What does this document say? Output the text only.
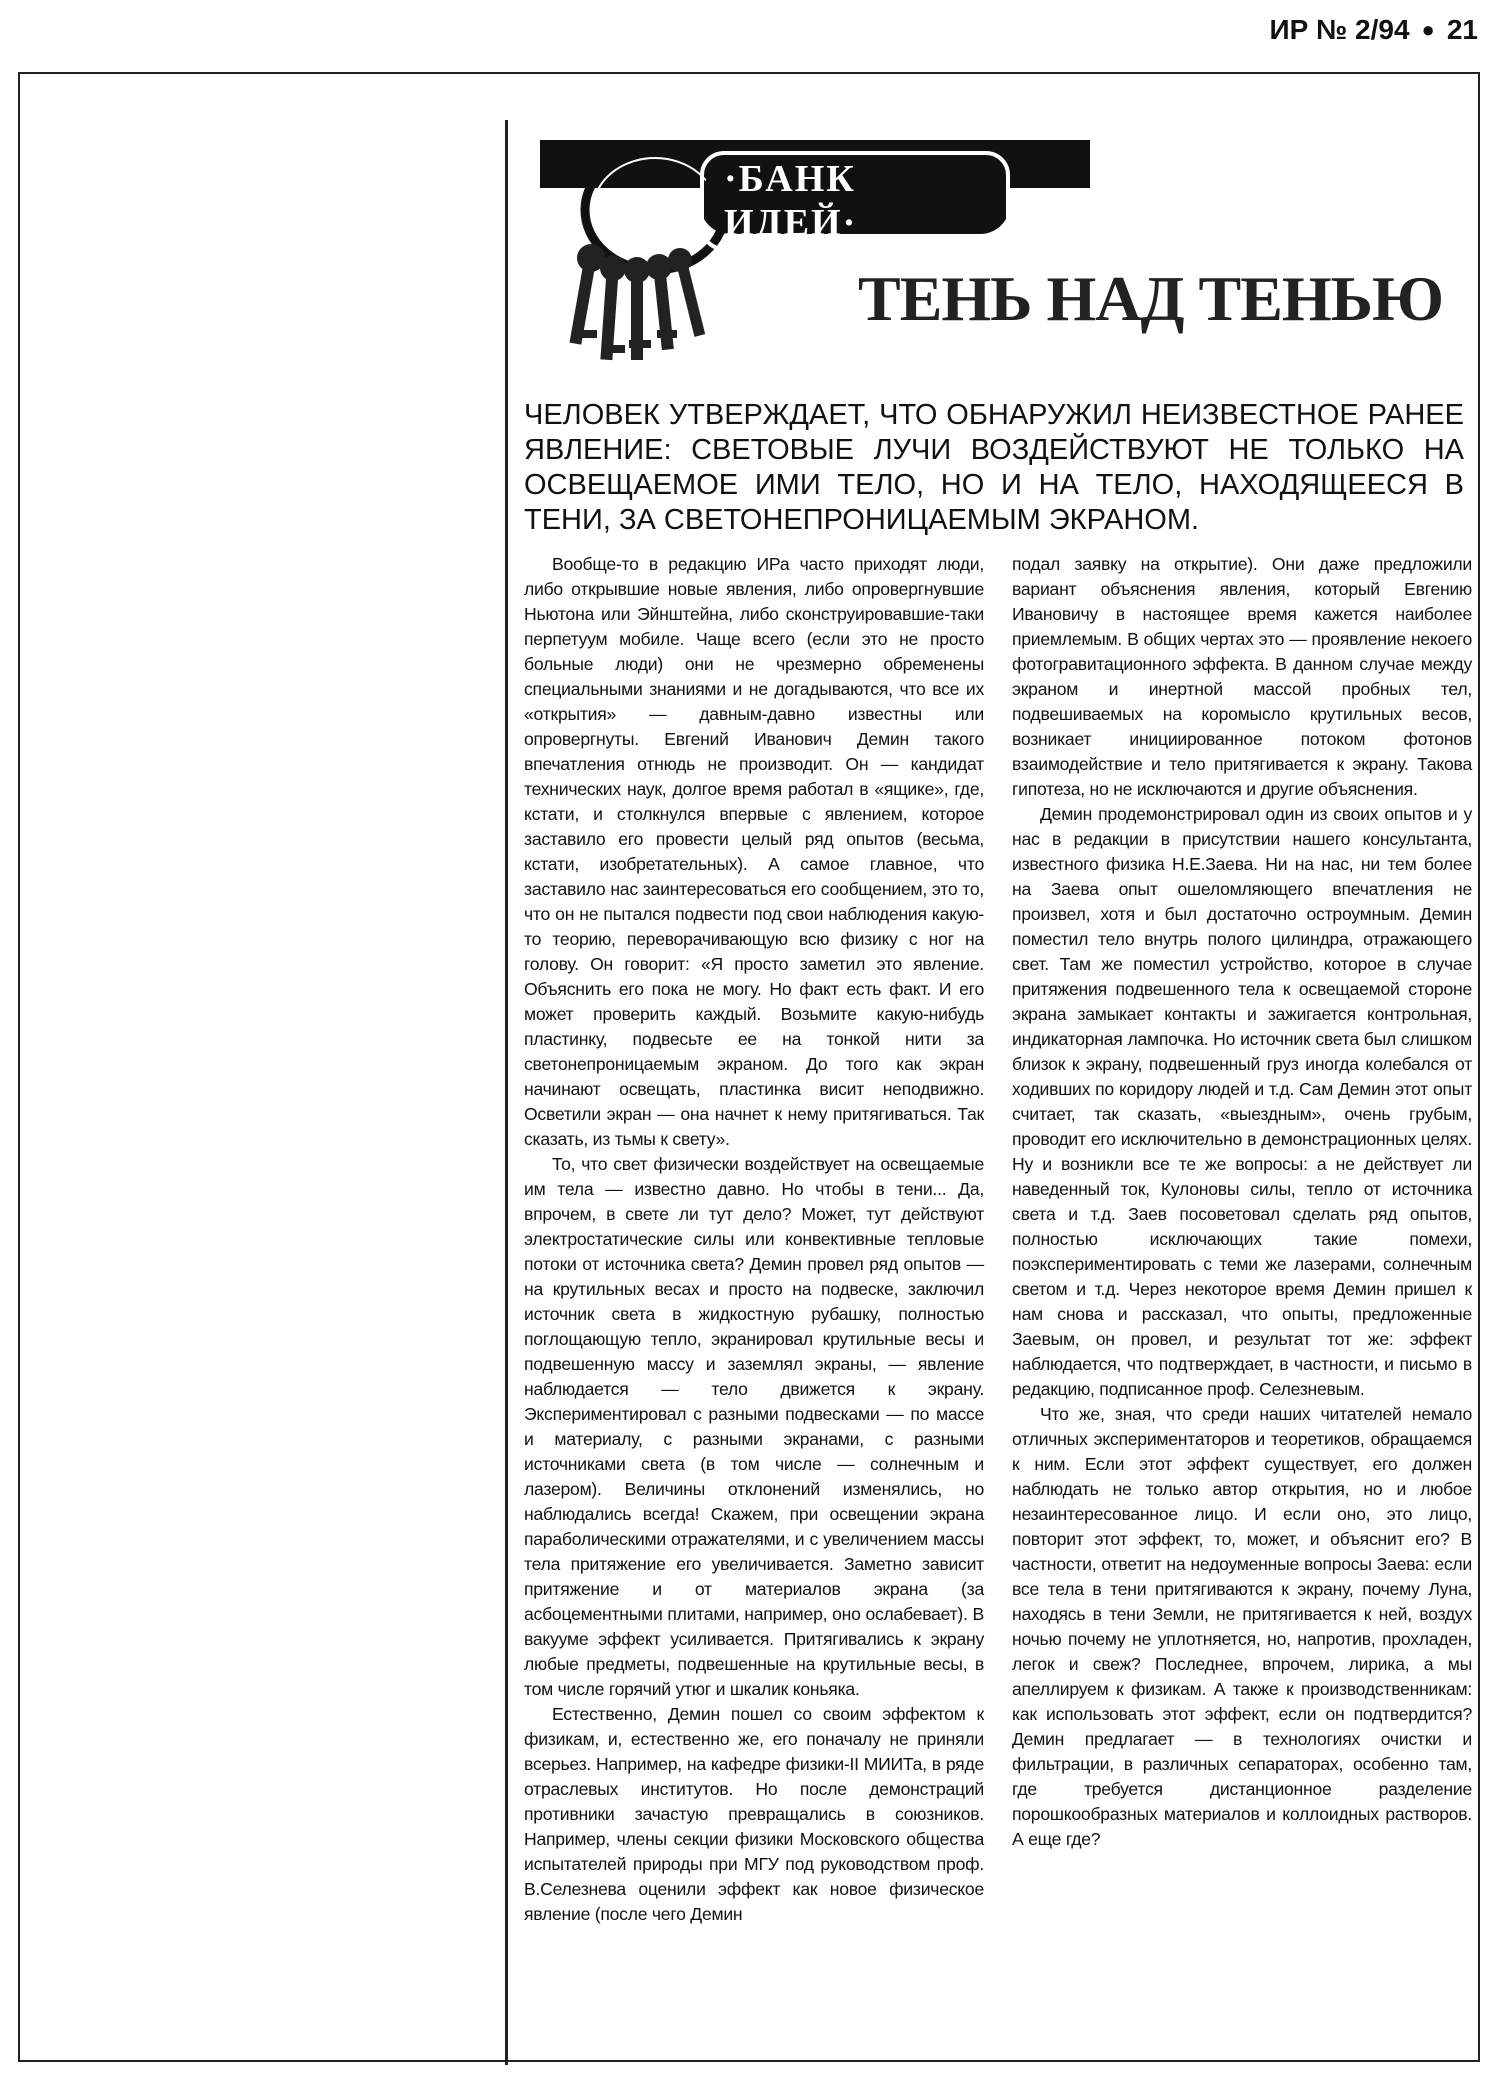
ИР № 2/94 ● 21
·БАНК ИДЕЙ·
ТЕНЬ НАД ТЕНЬЮ
ЧЕЛОВЕК УТВЕРЖДАЕТ, ЧТО ОБНАРУЖИЛ НЕИЗВЕСТНОЕ РАНЕЕ ЯВЛЕНИЕ: СВЕТОВЫЕ ЛУЧИ ВОЗДЕЙСТВУЮТ НЕ ТОЛЬКО НА ОСВЕЩАЕМОЕ ИМИ ТЕЛО, НО И НА ТЕЛО, НАХОДЯЩЕЕСЯ В ТЕНИ, ЗА СВЕТОНЕПРОНИЦАЕМЫМ ЭКРАНОМ.

Вообще-то в редакцию ИРа часто приходят люди, либо открывшие новые явления, либо опровергнувшие Ньютона или Эйнштейна, либо сконструировавшие-таки перпетуум мобиле. Чаще всего (если это не просто больные люди) они не чрезмерно обременены специальными знаниями и не догадываются, что все их «открытия» — давным-давно известны или опровергнуты. Евгений Иванович Демин такого впечатления отнюдь не производит. Он — кандидат технических наук, долгое время работал в «ящике», где, кстати, и столкнулся впервые с явлением, которое заставило его провести целый ряд опытов (весьма, кстати, изобретательных). А самое главное, что заставило нас заинтересоваться его сообщением, это то, что он не пытался подвести под свои наблюдения какую-то теорию, переворачивающую всю физику с ног на голову. Он говорит: «Я просто заметил это явление. Объяснить его пока не могу. Но факт есть факт. И его может проверить каждый. Возьмите какую-нибудь пластинку, подвесьте ее на тонкой нити за светонепроницаемым экраном. До того как экран начинают освещать, пластинка висит неподвижно. Осветили экран — она начнет к нему притягиваться. Так сказать, из тьмы к свету».

То, что свет физически воздействует на освещаемые им тела — известно давно. Но чтобы в тени... Да, впрочем, в свете ли тут дело? Может, тут действуют электростатические силы или конвективные тепловые потоки от источника света? Демин провел ряд опытов — на крутильных весах и просто на подвеске, заключил источник света в жидкостную рубашку, полностью поглощающую тепло, экранировал крутильные весы и подвешенную массу и заземлял экраны, — явление наблюдается — тело движется к экрану. Экспериментировал с разными подвесками — по массе и материалу, с разными экранами, с разными источниками света (в том числе — солнечным и лазером). Величины отклонений изменялись, но наблюдались всегда! Скажем, при освещении экрана параболическими отражателями, и с увеличением массы тела притяжение его увеличивается. Заметно зависит притяжение и от материалов экрана (за асбоцементными плитами, например, оно ослабевает). В вакууме эффект усиливается. Притягивались к экрану любые предметы, подвешенные на крутильные весы, в том числе горячий утюг и шкалик коньяка.

Естественно, Демин пошел со своим эффектом к физикам, и, естественно же, его поначалу не приняли всерьез. Например, на кафедре физики-II МИИТа, в ряде отраслевых институтов. Но после демонстраций противники зачастую превращались в союзников. Например, члены секции физики Московского общества испытателей природы при МГУ под руководством проф. В.Селезнева оценили эффект как новое физическое явление (после чего Демин

подал заявку на открытие). Они даже предложили вариант объяснения явления, который Евгению Ивановичу в настоящее время кажется наиболее приемлемым. В общих чертах это — проявление некоего фотогравитационного эффекта. В данном случае между экраном и инертной массой пробных тел, подвешиваемых на коромысло крутильных весов, возникает инициированное потоком фотонов взаимодействие и тело притягивается к экрану. Такова гипотеза, но не исключаются и другие объяснения.

Демин продемонстрировал один из своих опытов и у нас в редакции в присутствии нашего консультанта, известного физика Н.Е.Заева. Ни на нас, ни тем более на Заева опыт ошеломляющего впечатления не произвел, хотя и был достаточно остроумным. Демин поместил тело внутрь полого цилиндра, отражающего свет. Там же поместил устройство, которое в случае притяжения подвешенного тела к освещаемой стороне экрана замыкает контакты и зажигается контрольная, индикаторная лампочка. Но источник света был слишком близок к экрану, подвешенный груз иногда колебался от ходивших по коридору людей и т.д. Сам Демин этот опыт считает, так сказать, «выездным», очень грубым, проводит его исключительно в демонстрационных целях. Ну и возникли все те же вопросы: а не действует ли наведенный ток, Кулоновы силы, тепло от источника света и т.д. Заев посоветовал сделать ряд опытов, полностью исключающих такие помехи, поэкспериментировать с теми же лазерами, солнечным светом и т.д. Через некоторое время Демин пришел к нам снова и рассказал, что опыты, предложенные Заевым, он провел, и результат тот же: эффект наблюдается, что подтверждает, в частности, и письмо в редакцию, подписанное проф. Селезневым.

Что же, зная, что среди наших читателей немало отличных экспериментаторов и теоретиков, обращаемся к ним. Если этот эффект существует, его должен наблюдать не только автор открытия, но и любое незаинтересованное лицо. И если оно, это лицо, повторит этот эффект, то, может, и объяснит его? В частности, ответит на недоуменные вопросы Заева: если все тела в тени притягиваются к экрану, почему Луна, находясь в тени Земли, не притягивается к ней, воздух ночью почему не уплотняется, но, напротив, прохладен, легок и свеж? Последнее, впрочем, лирика, а мы апеллируем к физикам. А также к производственникам: как использовать этот эффект, если он подтвердится? Демин предлагает — в технологиях очистки и фильтрации, в различных сепараторах, особенно там, где требуется дистанционное разделение порошкообразных материалов и коллоидных растворов. А еще где?
